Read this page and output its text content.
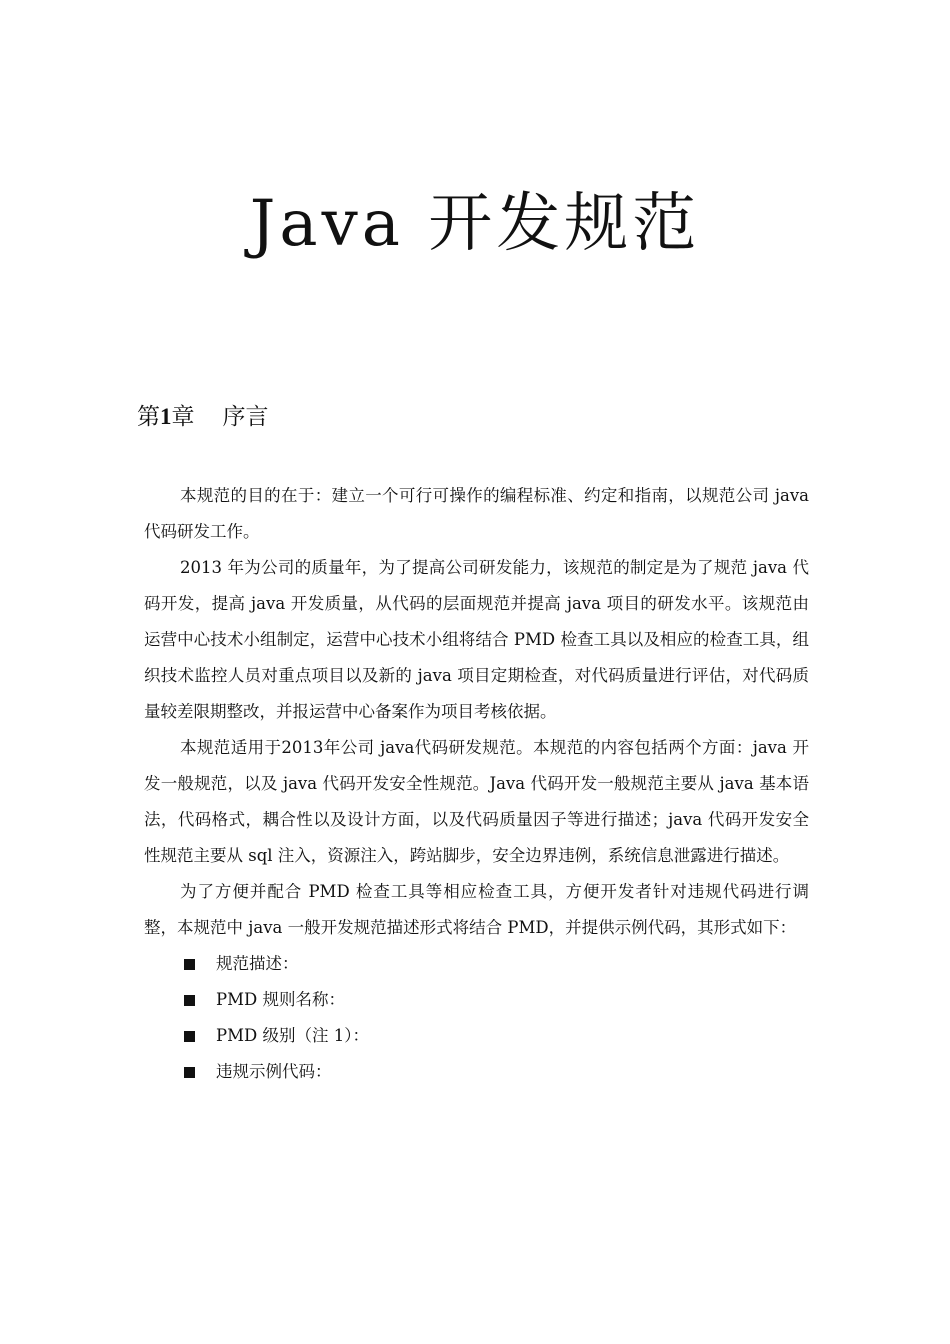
Java 开发规范
第1章 序言

本规范的目的在于：建立一个可行可操作的编程标准、约定和指南，以规范公司 java 代码研发工作。

2013 年为公司的质量年，为了提高公司研发能力，该规范的制定是为了规范 java 代码开发，提高 java 开发质量，从代码的层面规范并提高 java 项目的研发水平。该规范由运营中心技术小组制定，运营中心技术小组将结合 PMD 检查工具以及相应的检查工具，组织技术监控人员对重点项目以及新的 java 项目定期检查，对代码质量进行评估，对代码质量较差限期整改，并报运营中心备案作为项目考核依据。

本规范适用于2013年公司 java代码研发规范。本规范的内容包括两个方面：java 开发一般规范，以及 java 代码开发安全性规范。Java 代码开发一般规范主要从 java 基本语法，代码格式，耦合性以及设计方面，以及代码质量因子等进行描述；java 代码开发安全性规范主要从 sql 注入，资源注入，跨站脚步，安全边界违例，系统信息泄露进行描述。

为了方便并配合 PMD 检查工具等相应检查工具，方便开发者针对违规代码进行调整，本规范中 java 一般开发规范描述形式将结合 PMD，并提供示例代码，其形式如下：

规范描述：
PMD 规则名称：
PMD 级别（注 1）：
违规示例代码：
